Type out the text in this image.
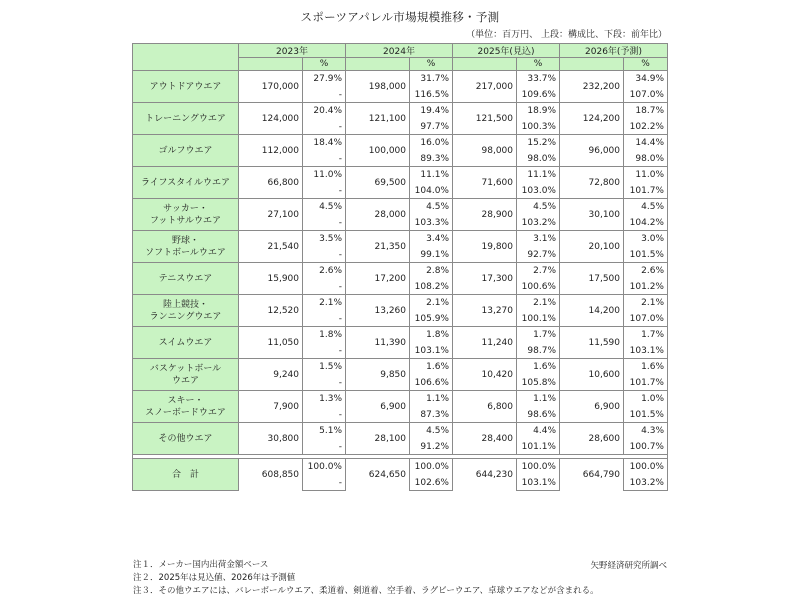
スポーツアパレル市場規模推移・予測
（単位：百万円、 上段：構成比、下段：前年比）
	2023年		2024年		2025年(見込)		2026年(予測)	
		%		%		%		%
アウトドアウエア	170,000	27.9%	198,000	31.7%	217,000	33.7%	232,200	34.9%
		-		116.5%		109.6%		107.0%
トレーニングウエア	124,000	20.4%	121,100	19.4%	121,500	18.9%	124,200	18.7%
		-		97.7%		100.3%		102.2%
ゴルフウエア	112,000	18.4%	100,000	16.0%	98,000	15.2%	96,000	14.4%
		-		89.3%		98.0%		98.0%
ライフスタイルウエア	66,800	11.0%	69,500	11.1%	71,600	11.1%	72,800	11.0%
		-		104.0%		103.0%		101.7%
サッカー・
フットサルウエア	27,100	4.5%	28,000	4.5%	28,900	4.5%	30,100	4.5%
		-		103.3%		103.2%		104.2%
野球・
ソフトボールウエア	21,540	3.5%	21,350	3.4%	19,800	3.1%	20,100	3.0%
		-		99.1%		92.7%		101.5%
テニスウエア	15,900	2.6%	17,200	2.8%	17,300	2.7%	17,500	2.6%
		-		108.2%		100.6%		101.2%
陸上競技・
ランニングウエア	12,520	2.1%	13,260	2.1%	13,270	2.1%	14,200	2.1%
		-		105.9%		100.1%		107.0%
スイムウエア	11,050	1.8%	11,390	1.8%	11,240	1.7%	11,590	1.7%
		-		103.1%		98.7%		103.1%
バスケットボール
ウエア	9,240	1.5%	9,850	1.6%	10,420	1.6%	10,600	1.6%
		-		106.6%		105.8%		101.7%
スキー・
スノーボードウエア	7,900	1.3%	6,900	1.1%	6,800	1.1%	6,900	1.0%
		-		87.3%		98.6%		101.5%
その他ウエア	30,800	5.1%	28,100	4.5%	28,400	4.4%	28,600	4.3%
		-		91.2%		101.1%		100.7%

合　計	608,850	100.0%	624,650	100.0%	644,230	100.0%	664,790	100.0%
		-		102.6%		103.1%		103.2%
注１．メーカー国内出荷金額ベース
注２．2025年は見込値、2026年は予測値
注３．その他ウエアには、バレーボールウエア、柔道着、剣道着、空手着、ラグビーウエア、卓球ウエアなどが含まれる。
矢野経済研究所調べ
